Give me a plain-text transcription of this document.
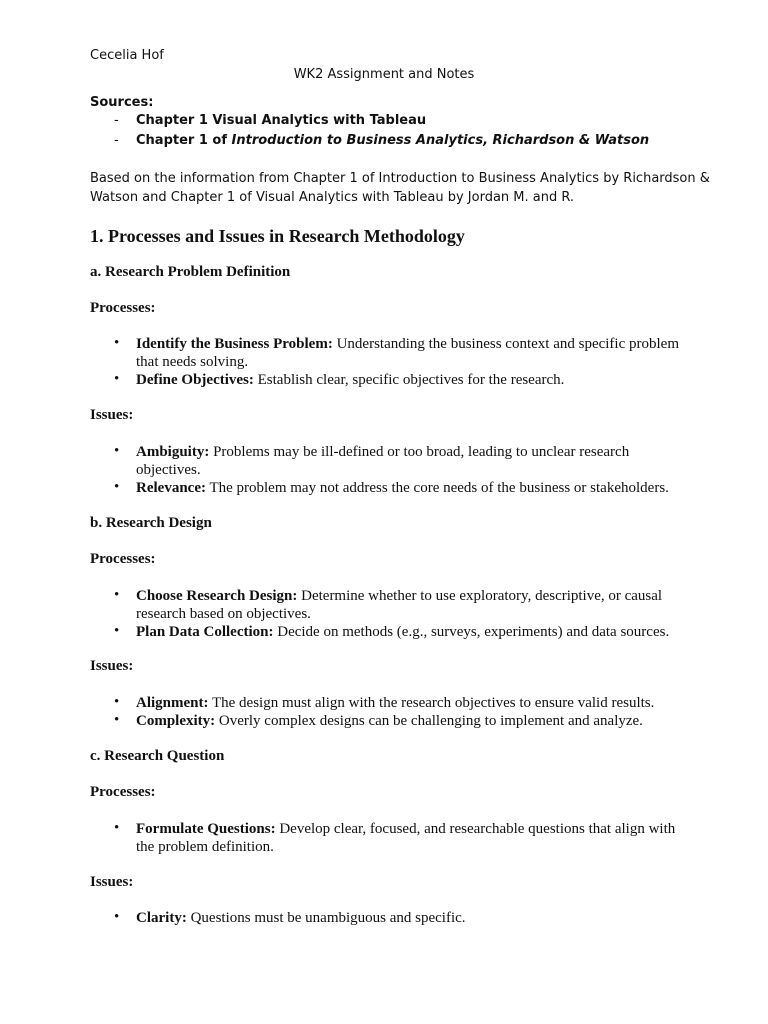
Cecelia Hof
WK2 Assignment and Notes
Sources:
- Chapter 1 Visual Analytics with Tableau
- Chapter 1 of Introduction to Business Analytics, Richardson & Watson
Based on the information from Chapter 1 of Introduction to Business Analytics by Richardson &
Watson and Chapter 1 of Visual Analytics with Tableau by Jordan M. and R.
1. Processes and Issues in Research Methodology
a. Research Problem Definition
Processes:
• Identify the Business Problem: Understanding the business context and specific problem that needs solving.
• Define Objectives: Establish clear, specific objectives for the research.
Issues:
• Ambiguity: Problems may be ill-defined or too broad, leading to unclear research objectives.
• Relevance: The problem may not address the core needs of the business or stakeholders.
b. Research Design
Processes:
• Choose Research Design: Determine whether to use exploratory, descriptive, or causal research based on objectives.
• Plan Data Collection: Decide on methods (e.g., surveys, experiments) and data sources.
Issues:
• Alignment: The design must align with the research objectives to ensure valid results.
• Complexity: Overly complex designs can be challenging to implement and analyze.
c. Research Question
Processes:
• Formulate Questions: Develop clear, focused, and researchable questions that align with the problem definition.
Issues:
• Clarity: Questions must be unambiguous and specific.
